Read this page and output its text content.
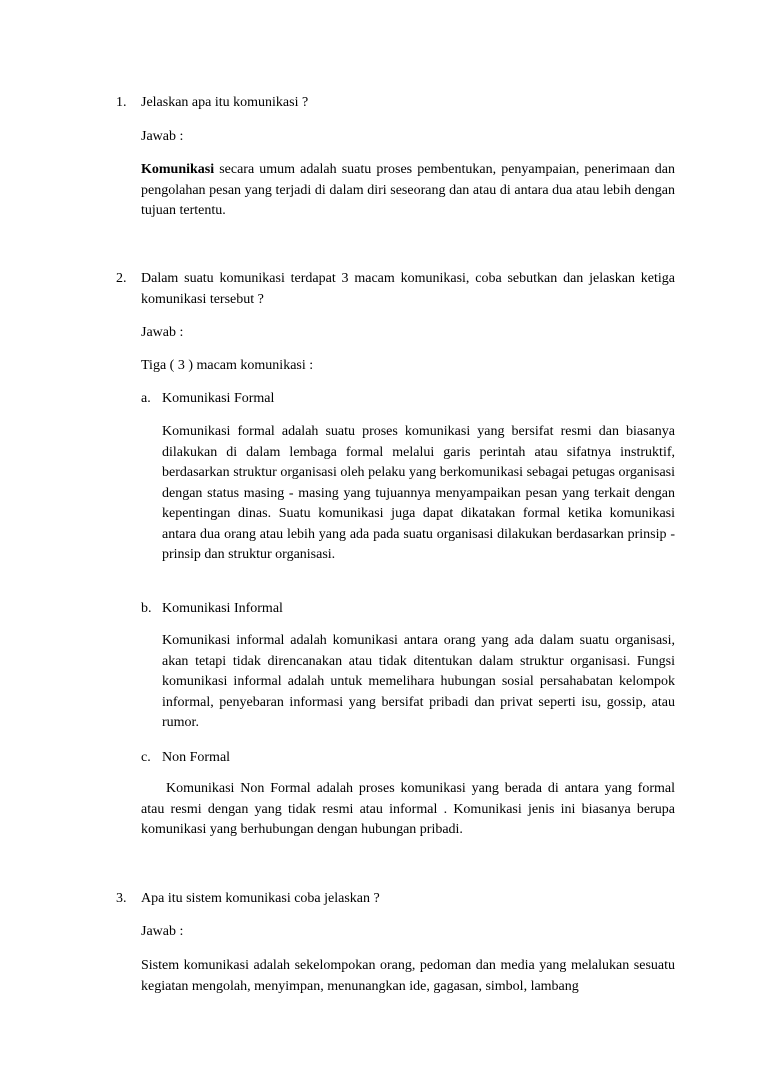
1. Jelaskan apa itu komunikasi ?
Jawab :

Komunikasi secara umum adalah suatu proses pembentukan, penyampaian, penerimaan dan pengolahan pesan yang terjadi di dalam diri seseorang dan atau di antara dua atau lebih dengan tujuan tertentu.

2. Dalam suatu komunikasi terdapat 3 macam komunikasi, coba sebutkan dan jelaskan ketiga komunikasi tersebut ?

Jawab :
Tiga ( 3 ) macam komunikasi :
a. Komunikasi Formal

Komunikasi formal adalah suatu proses komunikasi yang bersifat resmi dan biasanya dilakukan di dalam lembaga formal melalui garis perintah atau sifatnya instruktif, berdasarkan struktur organisasi oleh pelaku yang berkomunikasi sebagai petugas organisasi dengan status masing - masing yang tujuannya menyampaikan pesan yang terkait dengan kepentingan dinas. Suatu komunikasi juga dapat dikatakan formal ketika komunikasi antara dua orang atau lebih yang ada pada suatu organisasi dilakukan berdasarkan prinsip - prinsip dan struktur organisasi.

b. Komunikasi Informal

Komunikasi informal adalah komunikasi antara orang yang ada dalam suatu organisasi, akan tetapi tidak direncanakan atau tidak ditentukan dalam struktur organisasi. Fungsi komunikasi informal adalah untuk memelihara hubungan sosial persahabatan kelompok informal, penyebaran informasi yang bersifat pribadi dan privat seperti isu, gossip, atau rumor.

c. Non Formal

Komunikasi Non Formal adalah proses komunikasi yang berada di antara yang formal atau resmi dengan yang tidak resmi atau informal . Komunikasi jenis ini biasanya berupa komunikasi yang berhubungan dengan hubungan pribadi.

3. Apa itu sistem komunikasi coba jelaskan ?
Jawab :

Sistem komunikasi adalah sekelompokan orang, pedoman dan media yang melalukan sesuatu kegiatan mengolah, menyimpan, menunangkan ide, gagasan, simbol, lambang
